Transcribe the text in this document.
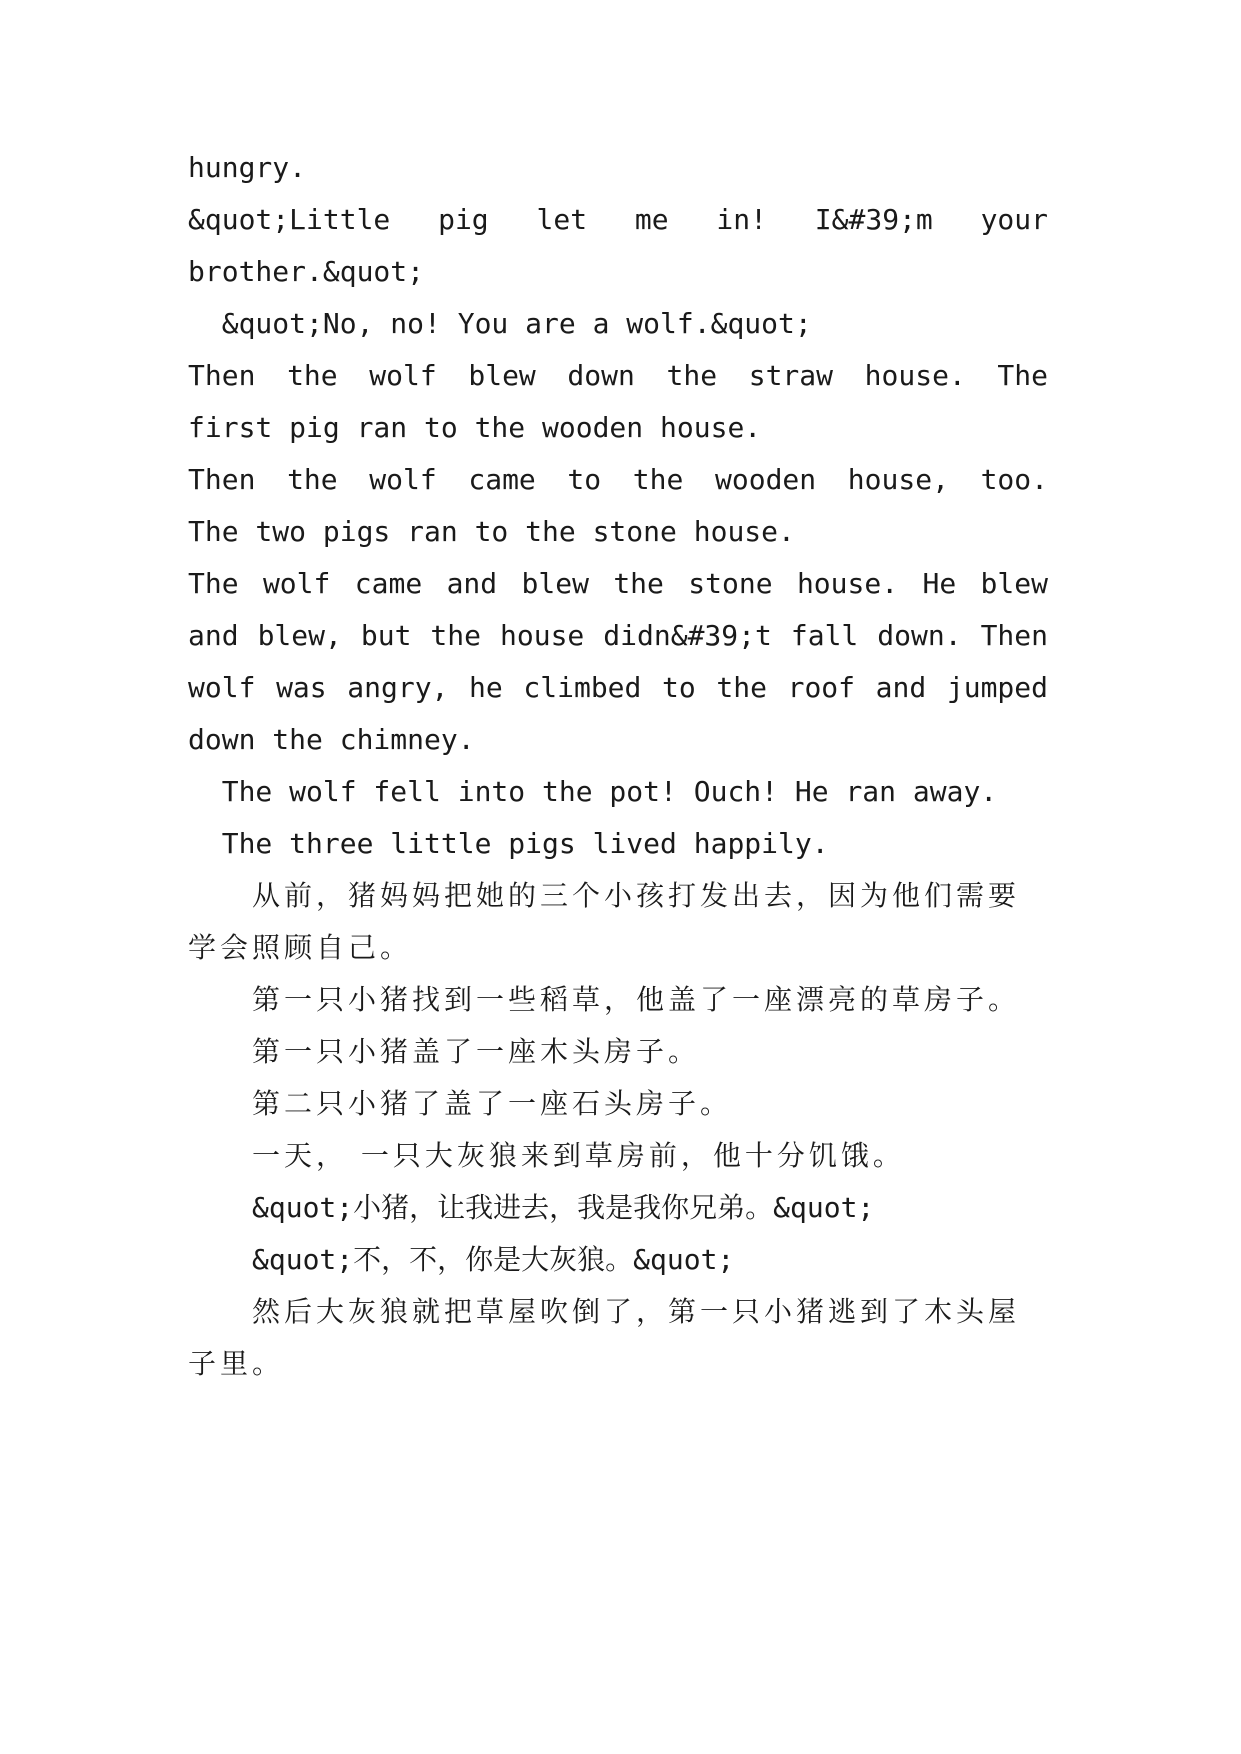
hungry.

&quot;Little pig let me in! I&#39;m your

brother.&quot;

&quot;No, no! You are a wolf.&quot;

Then the wolf blew down the straw house. The

first pig ran to the wooden house.

Then the wolf came to the wooden house, too.

The two pigs ran to the stone house.

The wolf came and blew the stone house. He blew

and blew, but the house didn&#39;t fall down. Then

wolf was angry, he climbed to the roof and jumped

down the chimney.

The wolf fell into the pot! Ouch! He ran away.

The three little pigs lived happily.

从前，猪妈妈把她的三个小孩打发出去，因为他们需要

学会照顾自己。

第一只小猪找到一些稻草，他盖了一座漂亮的草房子。

第一只小猪盖了一座木头房子。

第二只小猪了盖了一座石头房子。

一天， 一只大灰狼来到草房前，他十分饥饿。

&quot;小猪，让我进去，我是我你兄弟。&quot;

&quot;不，不，你是大灰狼。&quot;

然后大灰狼就把草屋吹倒了，第一只小猪逃到了木头屋

子里。
